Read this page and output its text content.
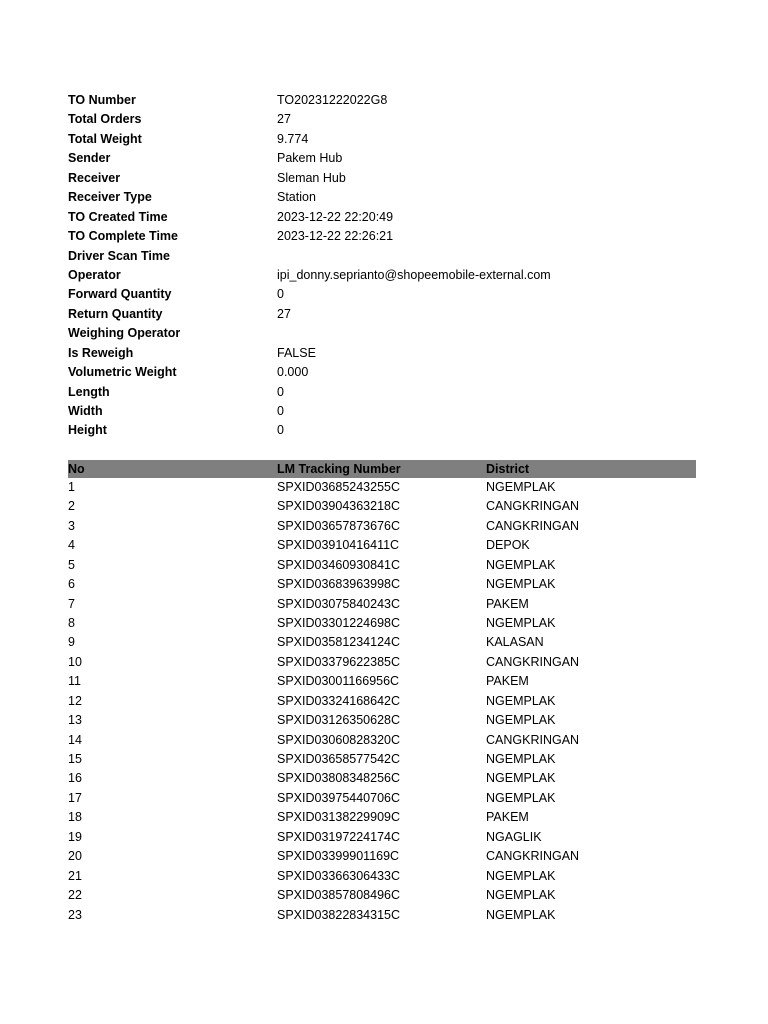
TO Number	TO20231222022G8
Total Orders	27
Total Weight	9.774
Sender	Pakem Hub
Receiver	Sleman Hub
Receiver Type	Station
TO Created Time	2023-12-22 22:20:49
TO Complete Time	2023-12-22 22:26:21
Driver Scan Time
Operator	ipi_donny.seprianto@shopeemobile-external.com
Forward Quantity	0
Return Quantity	27
Weighing Operator
Is Reweigh	FALSE
Volumetric Weight	0.000
Length	0
Width	0
Height	0
No	LM Tracking Number	District
1	SPXID03685243255C	NGEMPLAK
2	SPXID03904363218C	CANGKRINGAN
3	SPXID03657873676C	CANGKRINGAN
4	SPXID03910416411C	DEPOK
5	SPXID03460930841C	NGEMPLAK
6	SPXID03683963998C	NGEMPLAK
7	SPXID03075840243C	PAKEM
8	SPXID03301224698C	NGEMPLAK
9	SPXID03581234124C	KALASAN
10	SPXID03379622385C	CANGKRINGAN
11	SPXID03001166956C	PAKEM
12	SPXID03324168642C	NGEMPLAK
13	SPXID03126350628C	NGEMPLAK
14	SPXID03060828320C	CANGKRINGAN
15	SPXID03658577542C	NGEMPLAK
16	SPXID03808348256C	NGEMPLAK
17	SPXID03975440706C	NGEMPLAK
18	SPXID03138229909C	PAKEM
19	SPXID03197224174C	NGAGLIK
20	SPXID03399901169C	CANGKRINGAN
21	SPXID03366306433C	NGEMPLAK
22	SPXID03857808496C	NGEMPLAK
23	SPXID03822834315C	NGEMPLAK
